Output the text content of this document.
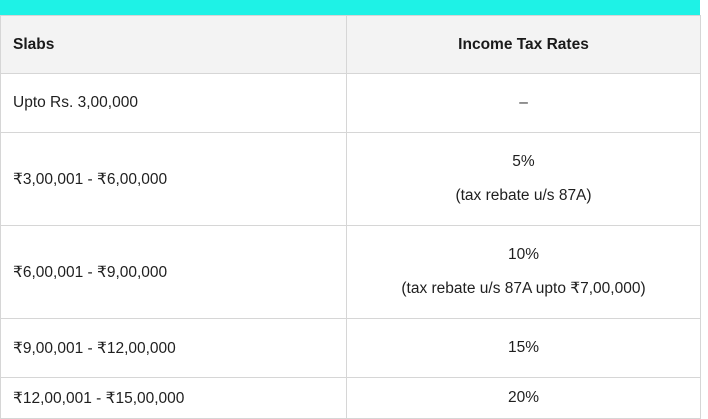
Slabs	Income Tax Rates
Upto Rs. 3,00,000	–

₹3,00,001 - ₹6,00,000	5%
(tax rebate u/s 87A)

₹6,00,001 - ₹9,00,000	10%
(tax rebate u/s 87A upto ₹7,00,000)

₹9,00,001 - ₹12,00,000	15%

₹12,00,001 - ₹15,00,000	20%
